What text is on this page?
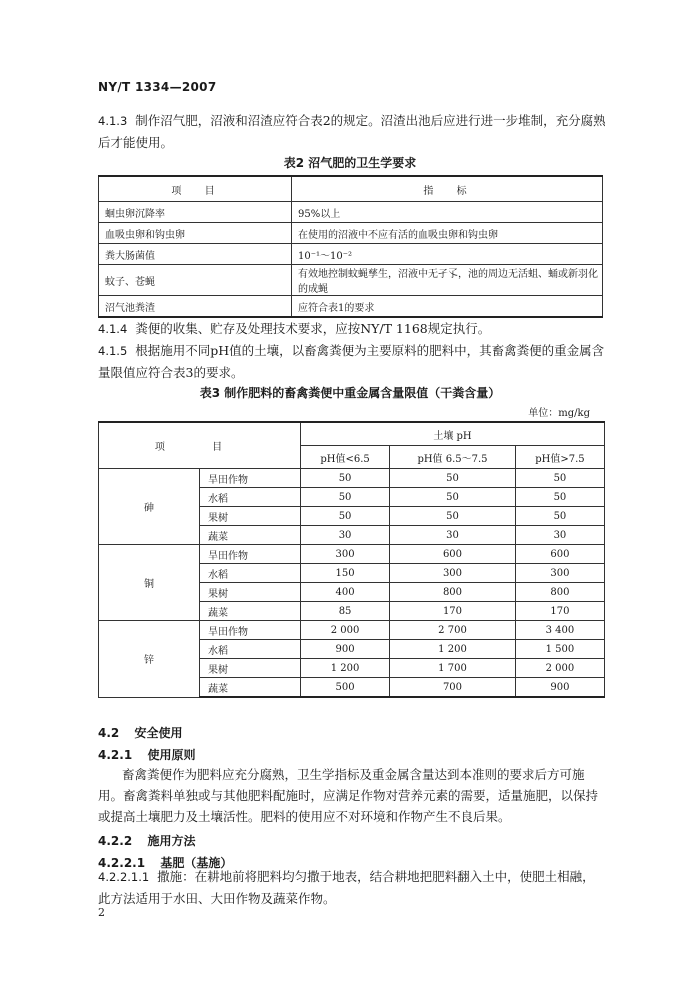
NY/T 1334—2007
4.1.3 制作沼气肥，沼液和沼渣应符合表2的规定。沼渣出池后应进行进一步堆制，充分腐熟后才能使用。
表2 沼气肥的卫生学要求
项 目	指 标
蛔虫卵沉降率	95%以上
血吸虫卵和钩虫卵	在使用的沼液中不应有活的血吸虫卵和钩虫卵
粪大肠菌值	10⁻¹～10⁻²
蚊子、苍蝇	有效地控制蚊蝇孳生，沼液中无孑孓，池的周边无活蛆、蛹或新羽化的成蝇
沼气池粪渣	应符合表1的要求
4.1.4 粪便的收集、贮存及处理技术要求，应按NY/T 1168规定执行。
4.1.5 根据施用不同pH值的土壤，以畜禽粪便为主要原料的肥料中，其畜禽粪便的重金属含量限值应符合表3的要求。
表3 制作肥料的畜禽粪便中重金属含量限值（干粪含量）
单位：mg/kg
项 目		土壤 pH		
		pH值<6.5	pH值 6.5～7.5	pH值>7.5
砷	旱田作物	50	50	50
	水稻	50	50	50
	果树	50	50	50
	蔬菜	30	30	30
铜	旱田作物	300	600	600
	水稻	150	300	300
	果树	400	800	800
	蔬菜	85	170	170
锌	旱田作物	2 000	2 700	3 400
	水稻	900	1 200	1 500
	果树	1 200	1 700	2 000
	蔬菜	500	700	900
4.2 安全使用
4.2.1 使用原则
畜禽粪便作为肥料应充分腐熟，卫生学指标及重金属含量达到本准则的要求后方可施用。畜禽粪料单独或与其他肥料配施时，应满足作物对营养元素的需要，适量施肥，以保持或提高土壤肥力及土壤活性。肥料的使用应不对环境和作物产生不良后果。
4.2.2 施用方法
4.2.2.1 基肥（基施）
4.2.2.1.1 撒施：在耕地前将肥料均匀撒于地表，结合耕地把肥料翻入土中，使肥土相融，此方法适用于水田、大田作物及蔬菜作物。
2
